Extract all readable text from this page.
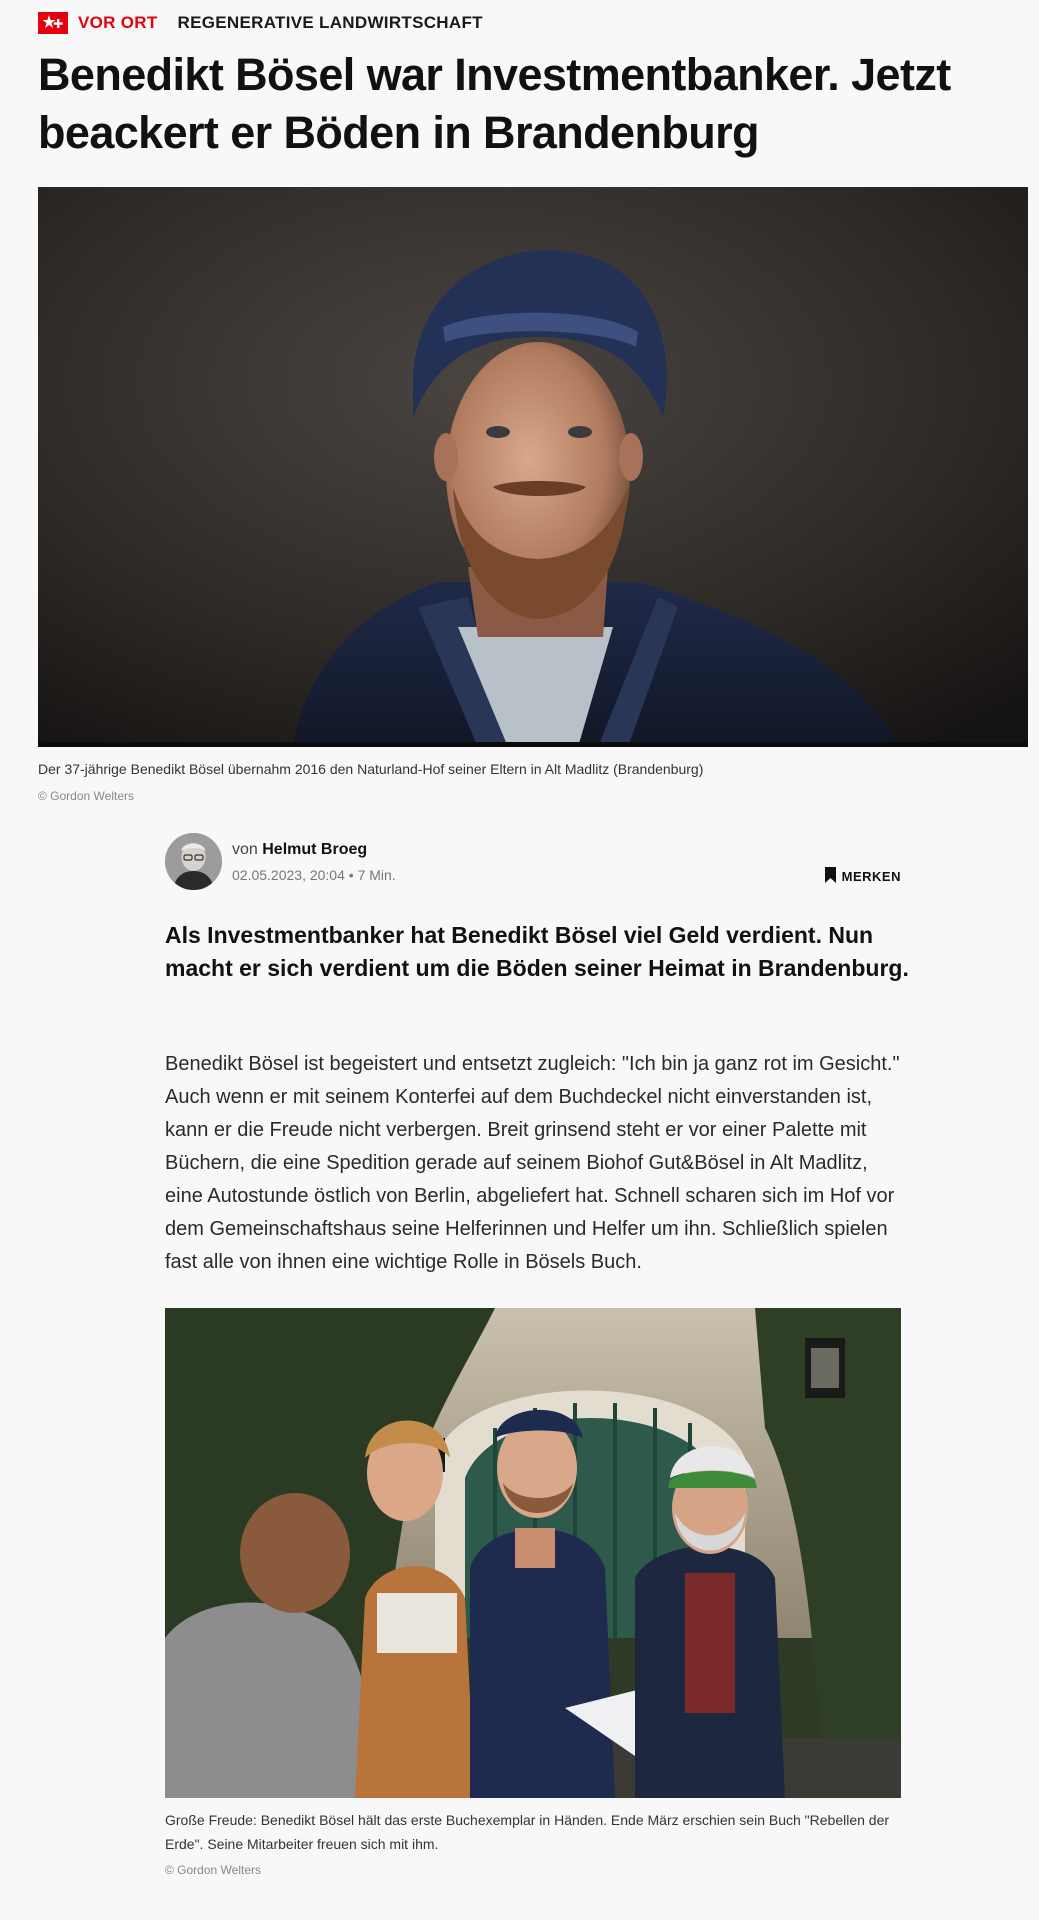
VOR ORT REGENERATIVE LANDWIRTSCHAFT
Benedikt Bösel war Investmentbanker. Jetzt beackert er Böden in Brandenburg
Der 37-jährige Benedikt Bösel übernahm 2016 den Naturland-Hof seiner Eltern in Alt Madlitz (Brandenburg)
© Gordon Welters
von Helmut Broeg
02.05.2023, 20:04 • 7 Min.	MERKEN

Als Investmentbanker hat Benedikt Bösel viel Geld verdient. Nun macht er sich verdient um die Böden seiner Heimat in Brandenburg.

Benedikt Bösel ist begeistert und entsetzt zugleich: "Ich bin ja ganz rot im Gesicht." Auch wenn er mit seinem Konterfei auf dem Buchdeckel nicht einverstanden ist, kann er die Freude nicht verbergen. Breit grinsend steht er vor einer Palette mit Büchern, die eine Spedition gerade auf seinem Biohof Gut&Bösel in Alt Madlitz, eine Autostunde östlich von Berlin, abgeliefert hat. Schnell scharen sich im Hof vor dem Gemeinschaftshaus seine Helferinnen und Helfer um ihn. Schließlich spielen fast alle von ihnen eine wichtige Rolle in Bösels Buch.

Große Freude: Benedikt Bösel hält das erste Buchexemplar in Händen. Ende März erschien sein Buch "Rebellen der Erde". Seine Mitarbeiter freuen sich mit ihm.
© Gordon Welters
